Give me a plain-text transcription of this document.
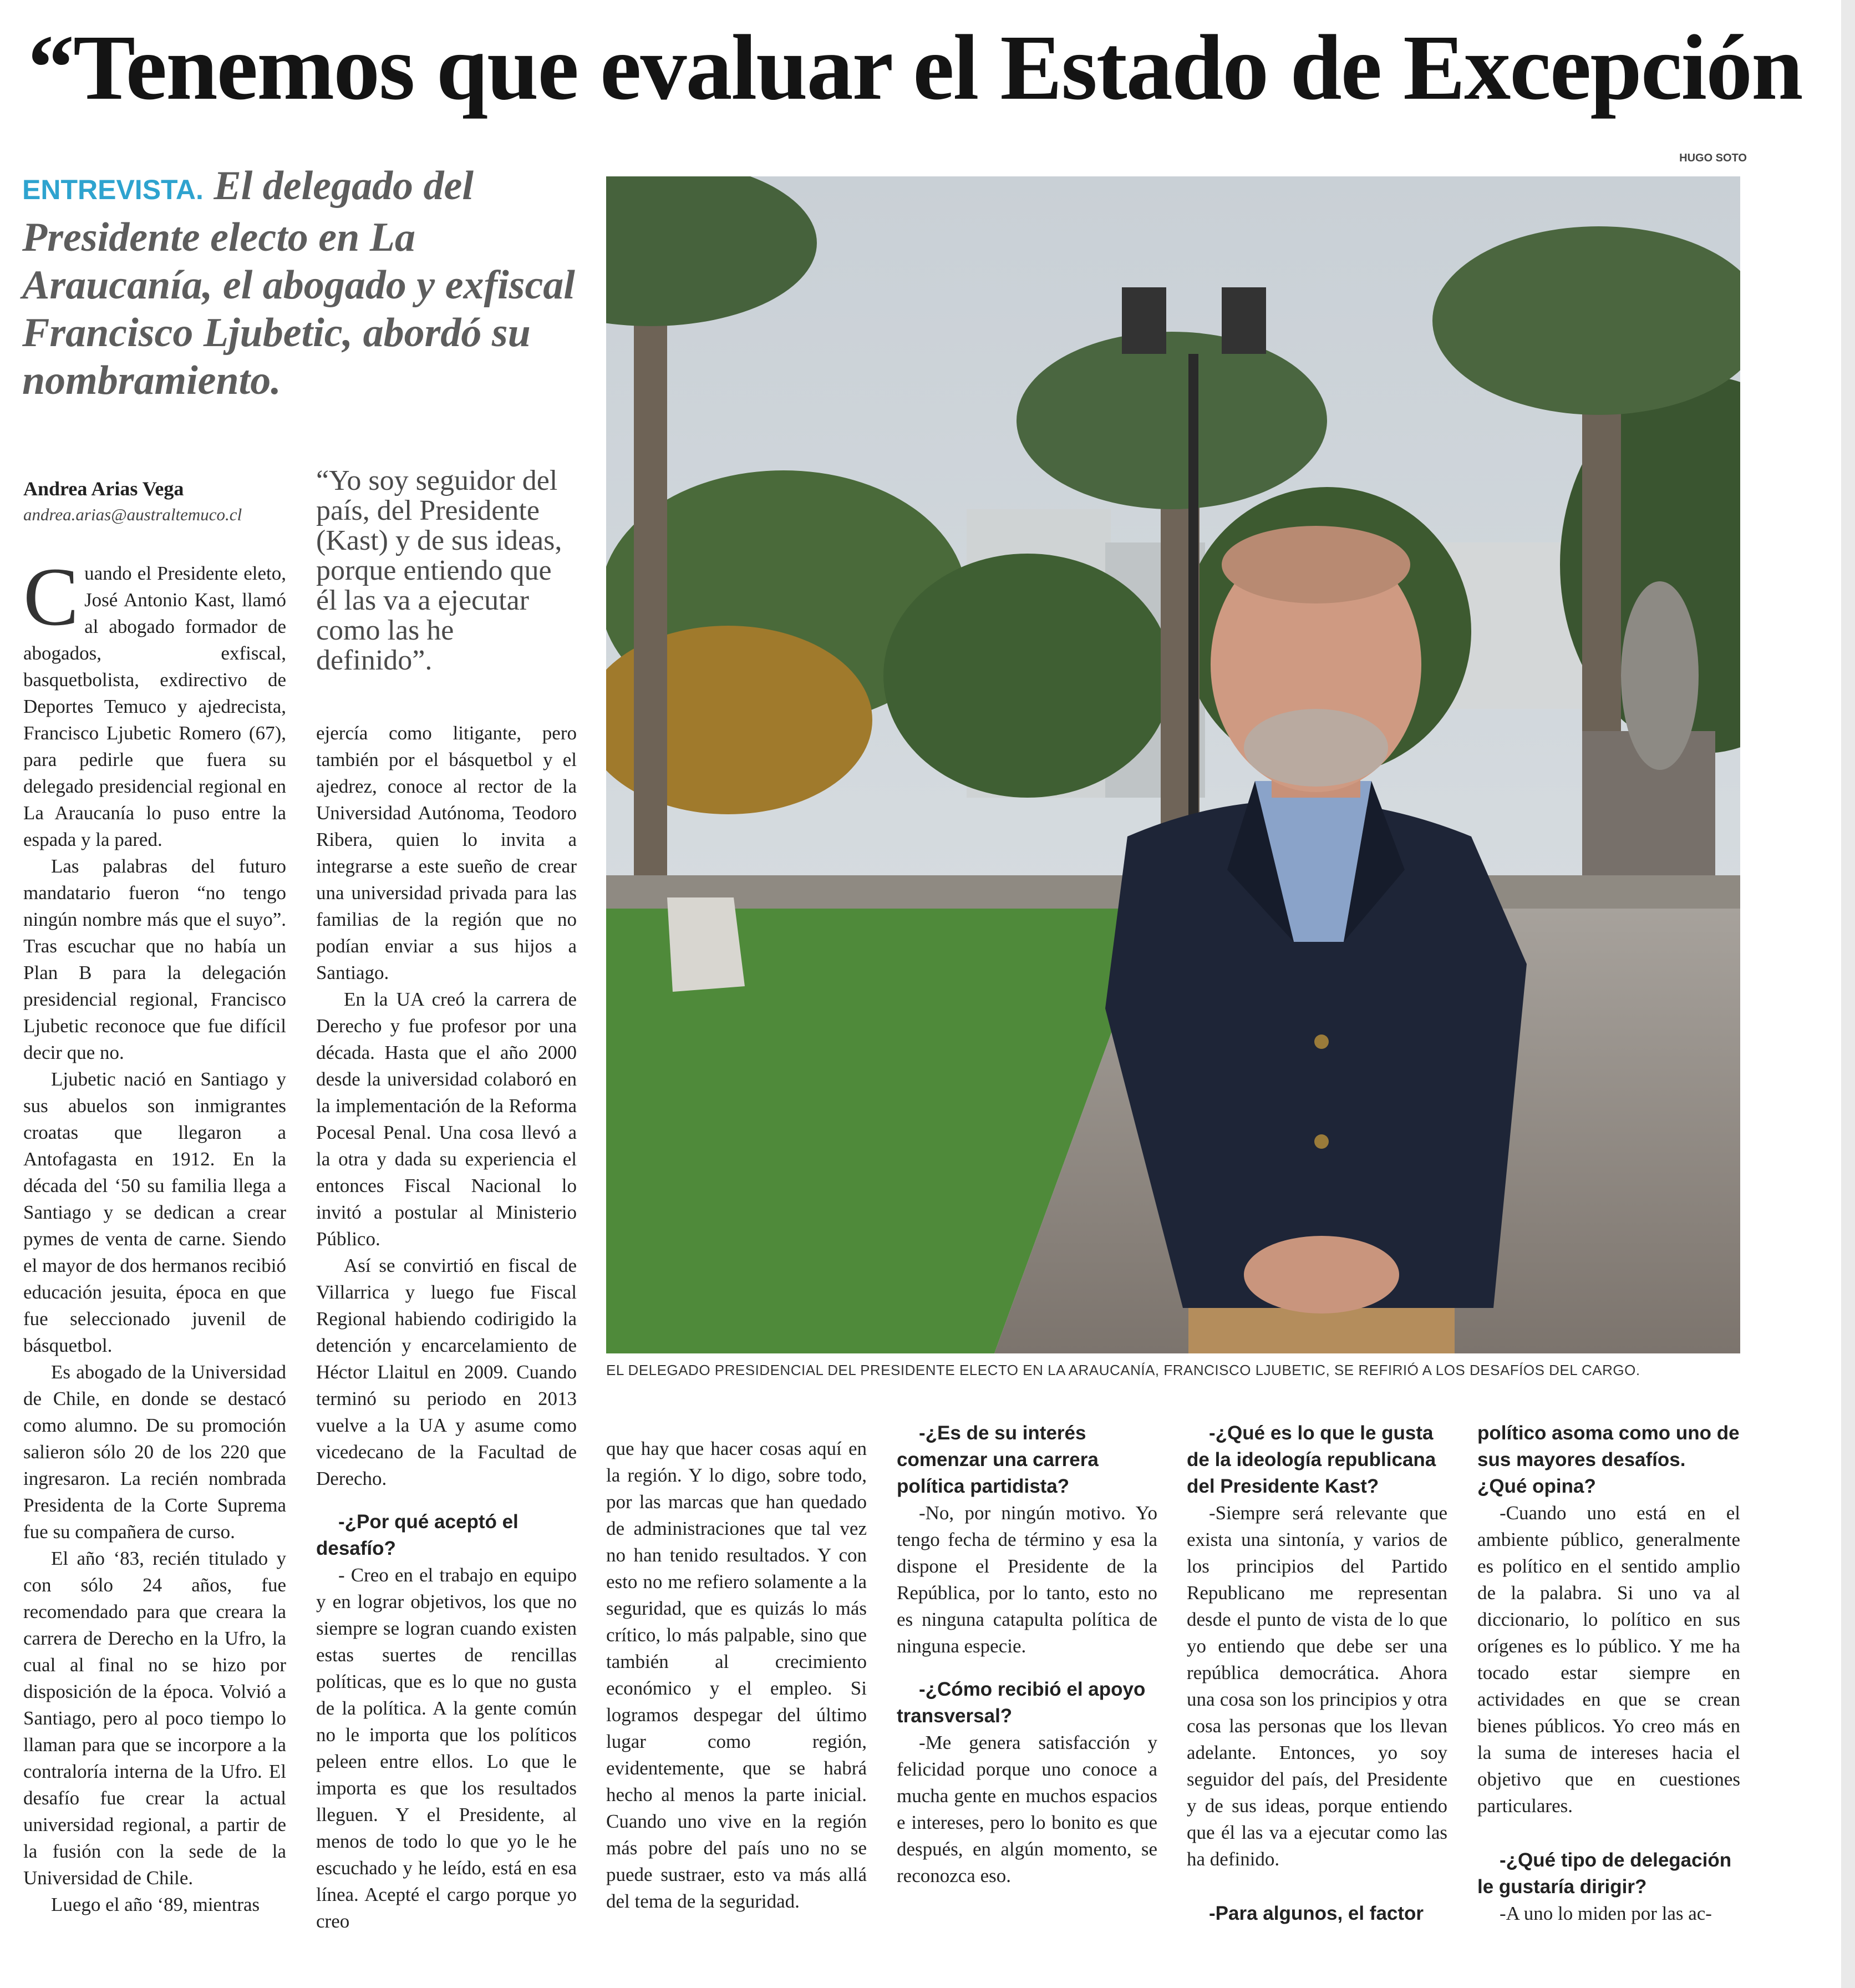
“Tenemos que evaluar el Estado de Excepción
HUGO SOTO
ENTREVISTA. El delegado del Presidente electo en La Araucanía, el abogado y exfiscal Francisco Ljubetic, abordó su nombramiento.
Andrea Arias Vega
andrea.arias@australtemuco.cl
“Yo soy seguidor del país, del Presidente (Kast) y de sus ideas, porque entiendo que él las va a ejecutar como las he definido”.

Cuando el Presidente eleto, José Antonio Kast, llamó al abogado formador de abogados, exfiscal, basquetbolista, exdirectivo de Deportes Temuco y ajedrecista, Francisco Ljubetic Romero (67), para pedirle que fuera su delegado presidencial regional en La Araucanía lo puso entre la espada y la pared.

Las palabras del futuro mandatario fueron “no tengo ningún nombre más que el suyo”. Tras escuchar que no había un Plan B para la delegación presidencial regional, Francisco Ljubetic reconoce que fue difícil decir que no.

Ljubetic nació en Santiago y sus abuelos son inmigrantes croatas que llegaron a Antofagasta en 1912. En la década del ‘50 su familia llega a Santiago y se dedican a crear pymes de venta de carne. Siendo el mayor de dos hermanos recibió educación jesuita, época en que fue seleccionado juvenil de básquetbol.

Es abogado de la Universidad de Chile, en donde se destacó como alumno. De su promoción salieron sólo 20 de los 220 que ingresaron. La recién nombrada Presidenta de la Corte Suprema fue su compañera de curso.

El año ‘83, recién titulado y con sólo 24 años, fue recomendado para que creara la carrera de Derecho en la Ufro, la cual al final no se hizo por disposición de la época. Volvió a Santiago, pero al poco tiempo lo llaman para que se incorpore a la contraloría interna de la Ufro. El desafío fue crear la actual universidad regional, a partir de la fusión con la sede de la Universidad de Chile.

Luego el año ‘89, mientras

ejercía como litigante, pero también por el básquetbol y el ajedrez, conoce al rector de la Universidad Autónoma, Teodoro Ribera, quien lo invita a integrarse a este sueño de crear una universidad privada para las familias de la región que no podían enviar a sus hijos a Santiago.

En la UA creó la carrera de Derecho y fue profesor por una década. Hasta que el año 2000 desde la universidad colaboró en la implementación de la Reforma Pocesal Penal. Una cosa llevó a la otra y dada su experiencia el entonces Fiscal Nacional lo invitó a postular al Ministerio Público.

Así se convirtió en fiscal de Villarrica y luego fue Fiscal Regional habiendo codirigido la detención y encarcelamiento de Héctor Llaitul en 2009. Cuando terminó su periodo en 2013 vuelve a la UA y asume como vicedecano de la Facultad de Derecho.

-¿Por qué aceptó el desafío?

- Creo en el trabajo en equipo y en lograr objetivos, los que no siempre se logran cuando existen estas suertes de rencillas políticas, que es lo que no gusta de la política. A la gente común no le importa que los políticos peleen entre ellos. Lo que le importa es que los resultados lleguen. Y el Presidente, al menos de todo lo que yo le he escuchado y he leído, está en esa línea. Acepté el cargo porque yo creo

EL DELEGADO PRESIDENCIAL DEL PRESIDENTE ELECTO EN LA ARAUCANÍA, FRANCISCO LJUBETIC, SE REFIRIÓ A LOS DESAFÍOS DEL CARGO.

que hay que hacer cosas aquí en la región. Y lo digo, sobre todo, por las marcas que han quedado de administraciones que tal vez no han tenido resultados. Y con esto no me refiero solamente a la seguridad, que es quizás lo más crítico, lo más palpable, sino que también al crecimiento económico y el empleo. Si logramos despegar del último lugar como región, evidentemente, que se habrá hecho al menos la parte inicial. Cuando uno vive en la región más pobre del país uno no se puede sustraer, esto va más allá del tema de la seguridad.

-¿Es de su interés comenzar una carrera política partidista?

-No, por ningún motivo. Yo tengo fecha de término y esa la dispone el Presidente de la República, por lo tanto, esto no es ninguna catapulta política de ninguna especie.

-¿Cómo recibió el apoyo transversal?

-Me genera satisfacción y felicidad porque uno conoce a mucha gente en muchos espacios e intereses, pero lo bonito es que después, en algún momento, se reconozca eso.

-¿Qué es lo que le gusta de la ideología republicana del Presidente Kast?

-Siempre será relevante que exista una sintonía, y varios de los principios del Partido Republicano me representan desde el punto de vista de lo que yo entiendo que debe ser una república democrática. Ahora una cosa son los principios y otra cosa las personas que los llevan adelante. Entonces, yo soy seguidor del país, del Presidente y de sus ideas, porque entiendo que él las va a ejecutar como las ha definido.

-Para algunos, el factor

político asoma como uno de sus mayores desafíos. ¿Qué opina?

-Cuando uno está en el ambiente público, generalmente es político en el sentido amplio de la palabra. Si uno va al diccionario, lo político en sus orígenes es lo público. Y me ha tocado estar siempre en actividades en que se crean bienes públicos. Yo creo más en la suma de intereses hacia el objetivo que en cuestiones particulares.

-¿Qué tipo de delegación le gustaría dirigir?

-A uno lo miden por las ac-
